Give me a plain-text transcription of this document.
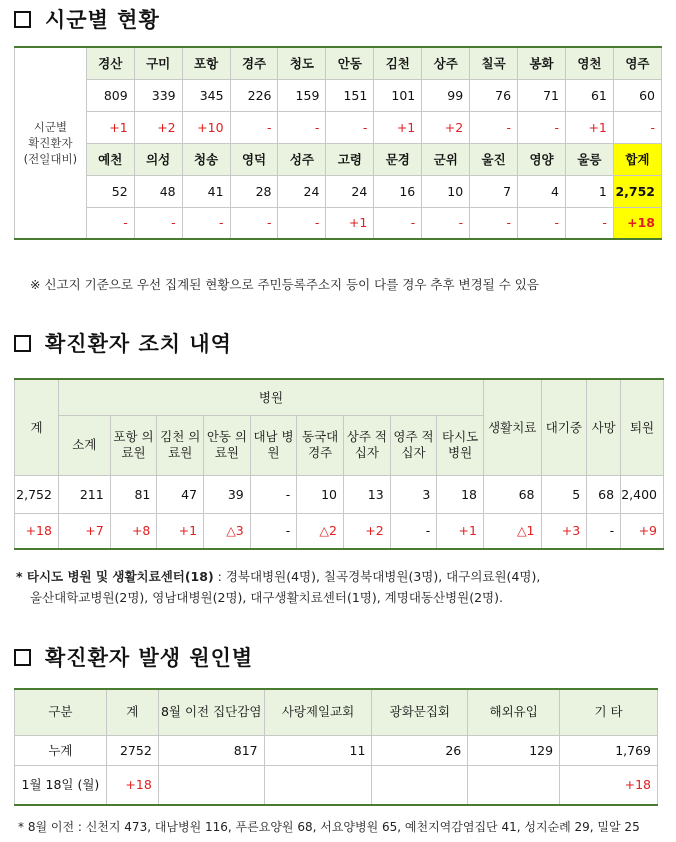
시군별 현황
시군별
확진환자
(전일대비)	경산	구미	포항	경주	청도	안동	김천	상주	칠곡	봉화	영천	영주
	809	339	345	226	159	151	101	99	76	71	61	60
	+1	+2	+10	-	-	-	+1	+2	-	-	+1	-
	예천	의성	청송	영덕	성주	고령	문경	군위	울진	영양	울릉	합계
	52	48	41	28	24	24	16	10	7	4	1	2,752
	-	-	-	-	-	+1	-	-	-	-	-	+18
※ 신고지 기준으로 우선 집계된 현황으로 주민등록주소지 등이 다를 경우 추후 변경될 수 있음
확진환자 조치 내역
계	병원									생활치료	대기중	사망	퇴원
	소계	포항 의료원	김천 의료원	안동 의료원	대남 병원	동국대 경주	상주 적십자	영주 적십자	타시도 병원				
2,752	211	81	47	39	-	10	13	3	18	68	5	68	2,400
+18	+7	+8	+1	△3	-	△2	+2	-	+1	△1	+3	-	+9
* 타시도 병원 및 생활치료센터(18) : 경북대병원(4명), 칠곡경북대병원(3명), 대구의료원(4명),
울산대학교병원(2명), 영남대병원(2명), 대구생활치료센터(1명), 계명대동산병원(2명).
확진환자 발생 원인별
구분	계	8월 이전 집단감염	사랑제일교회	광화문집회	해외유입	기 타
누계	2752	817	11	26	129	1,769
1월 18일 (월)	+18					+18
* 8월 이전 : 신천지 473, 대남병원 116, 푸른요양원 68, 서요양병원 65, 예천지역감염집단 41, 성지순례 29, 밀알 25
